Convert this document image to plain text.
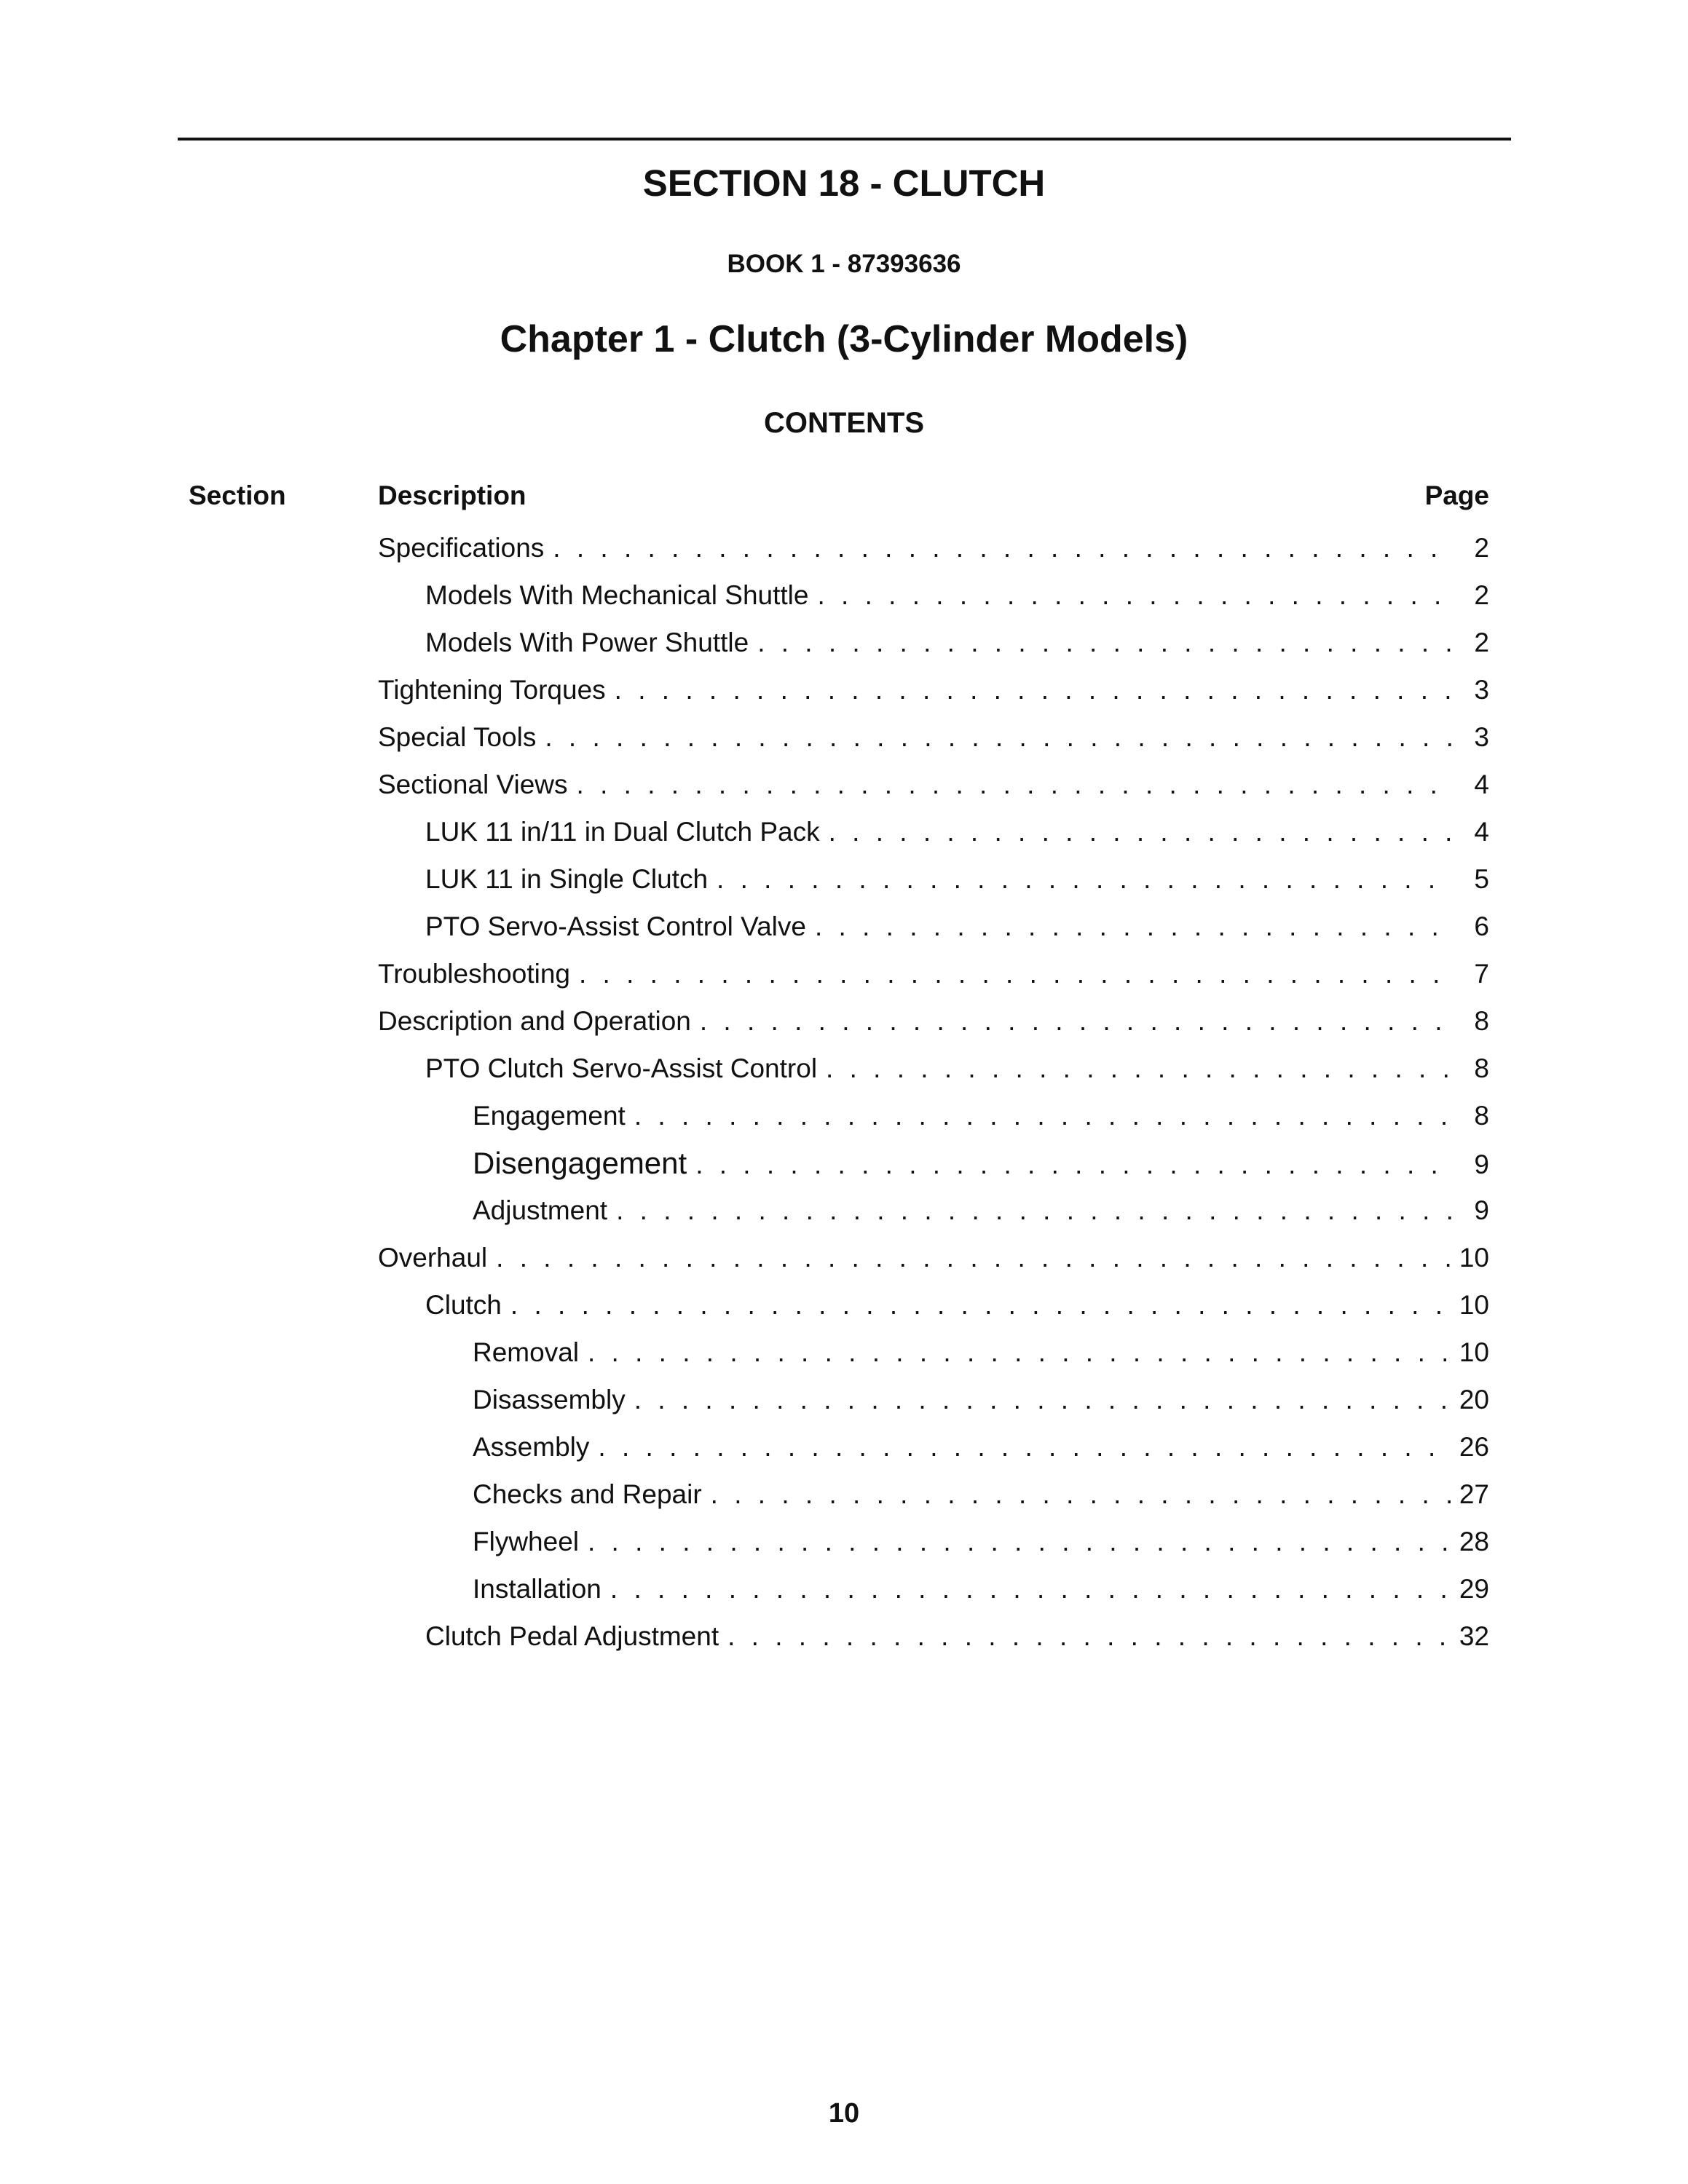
SECTION 18 - CLUTCH
BOOK 1 - 87393636
Chapter 1 - Clutch (3-Cylinder Models)
CONTENTS
Section	Description	Page
Specifications . . .	2
Models With Mechanical Shuttle . . .	2
Models With Power Shuttle . . .	2
Tightening Torques . . .	3
Special Tools . . .	3
Sectional Views . . .	4
LUK 11 in/11 in Dual Clutch Pack . . .	4
LUK 11 in Single Clutch . . .	5
PTO Servo-Assist Control Valve . . .	6
Troubleshooting . . .	7
Description and Operation . . .	8
PTO Clutch Servo-Assist Control . . .	8
Engagement . . .	8
Disengagement . . .	9
Adjustment . . .	9
Overhaul . . .	10
Clutch . . .	10
Removal . . .	10
Disassembly . . .	20
Assembly . . .	26
Checks and Repair . . .	27
Flywheel . . .	28
Installation . . .	29
Clutch Pedal Adjustment . . .	32
10
